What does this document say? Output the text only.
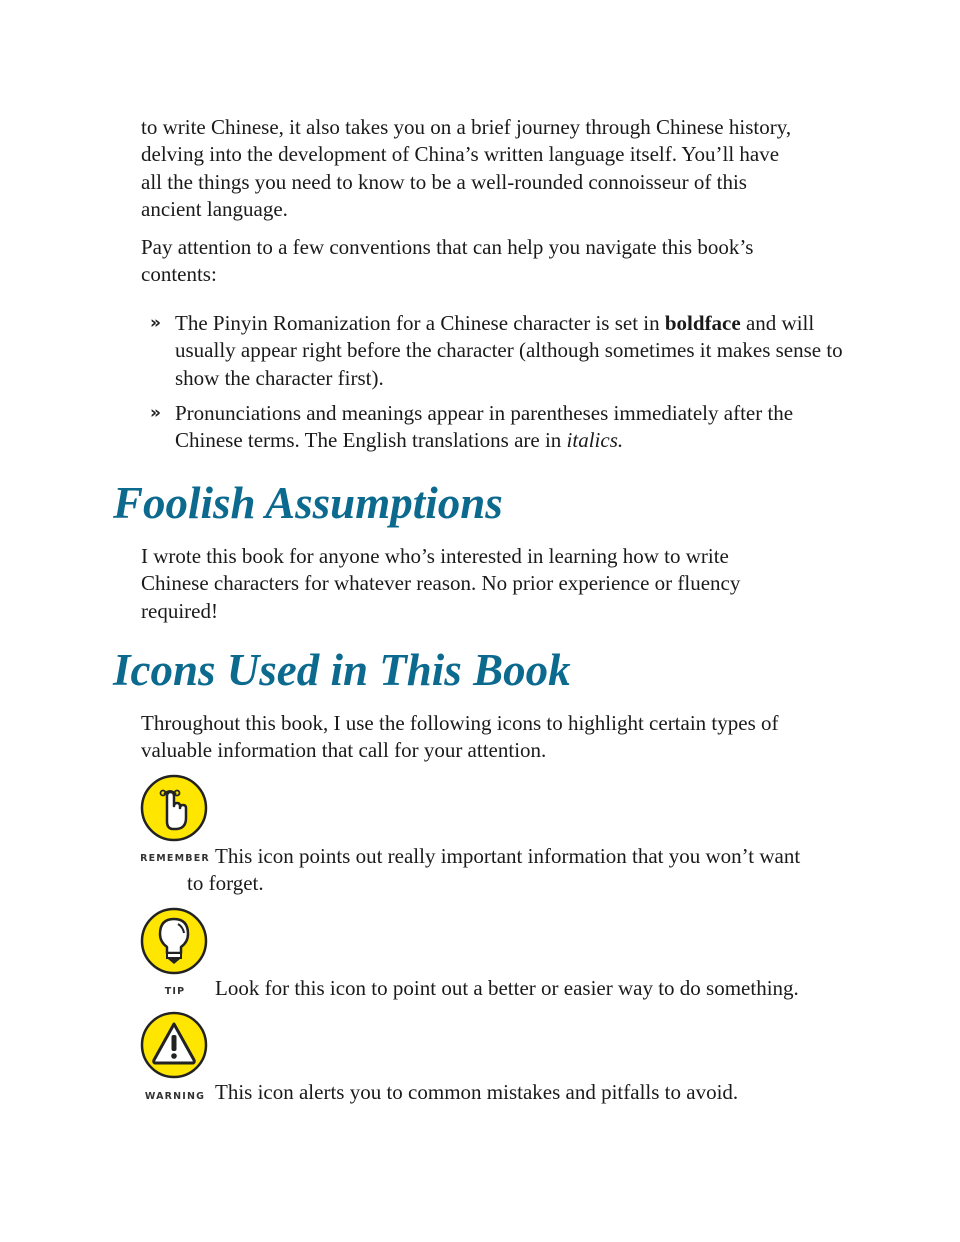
to write Chinese, it also takes you on a brief journey through Chinese history,
delving into the development of China’s written language itself. You’ll have
all the things you need to know to be a well-rounded connoisseur of this
ancient language.

Pay attention to a few conventions that can help you navigate this book’s contents:

» The Pinyin Romanization for a Chinese character is set in boldface and will usually appear right before the character (although sometimes it makes sense to show the character first).
» Pronunciations and meanings appear in parentheses immediately after the Chinese terms. The English translations are in italics.
Foolish Assumptions

I wrote this book for anyone who’s interested in learning how to write Chinese characters for whatever reason. No prior experience or fluency required!

Icons Used in This Book

Throughout this book, I use the following icons to highlight certain types of valuable information that call for your attention.

REMEMBER This icon points out really important information that you won’t want

to forget.
TIP	Look for this icon to point out a better or easier way to do something.
WARNING This icon alerts you to common mistakes and pitfalls to avoid.
